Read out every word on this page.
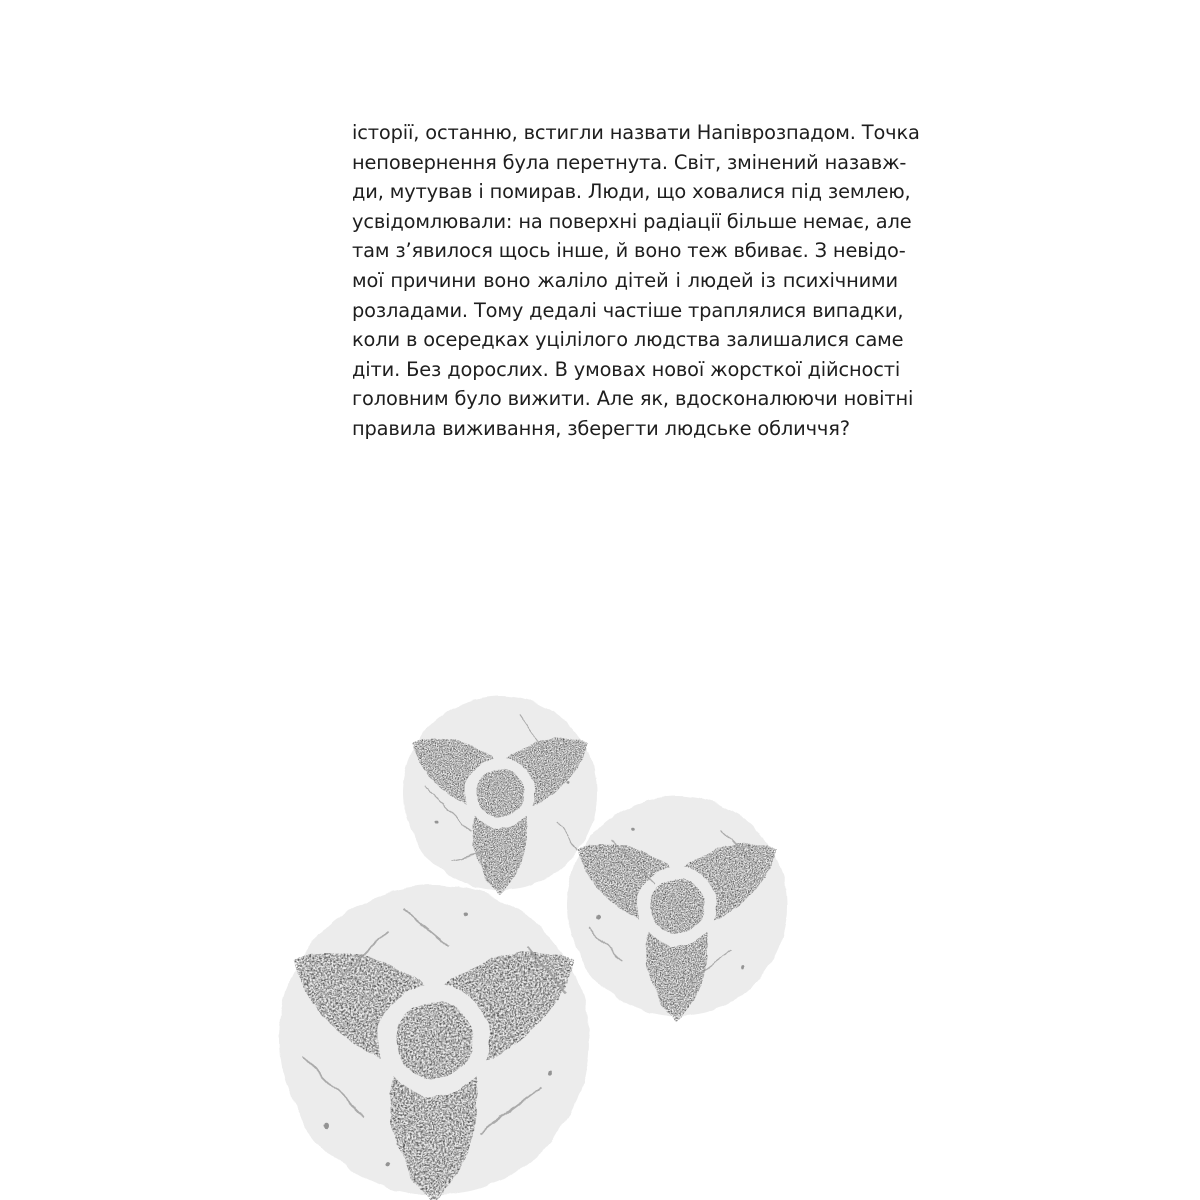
історії, останню, встигли назвати Напіврозпадом. Точка
неповернення була перетнута. Світ, змінений назавж-
ди, мутував і помирав. Люди, що ховалися під землею,
усвідомлювали: на поверхні радіації більше немає, але
там з’явилося щось інше, й воно теж вбиває. З невідо-
мої причини воно жаліло дітей і людей із психічними
розладами. Тому дедалі частіше траплялися випадки,
коли в осередках уцілілого людства залишалися саме
діти. Без дорослих. В умовах нової жорсткої дійсності
головним було вижити. Але як, вдосконалюючи новітні
правила виживання, зберегти людське обличчя?
